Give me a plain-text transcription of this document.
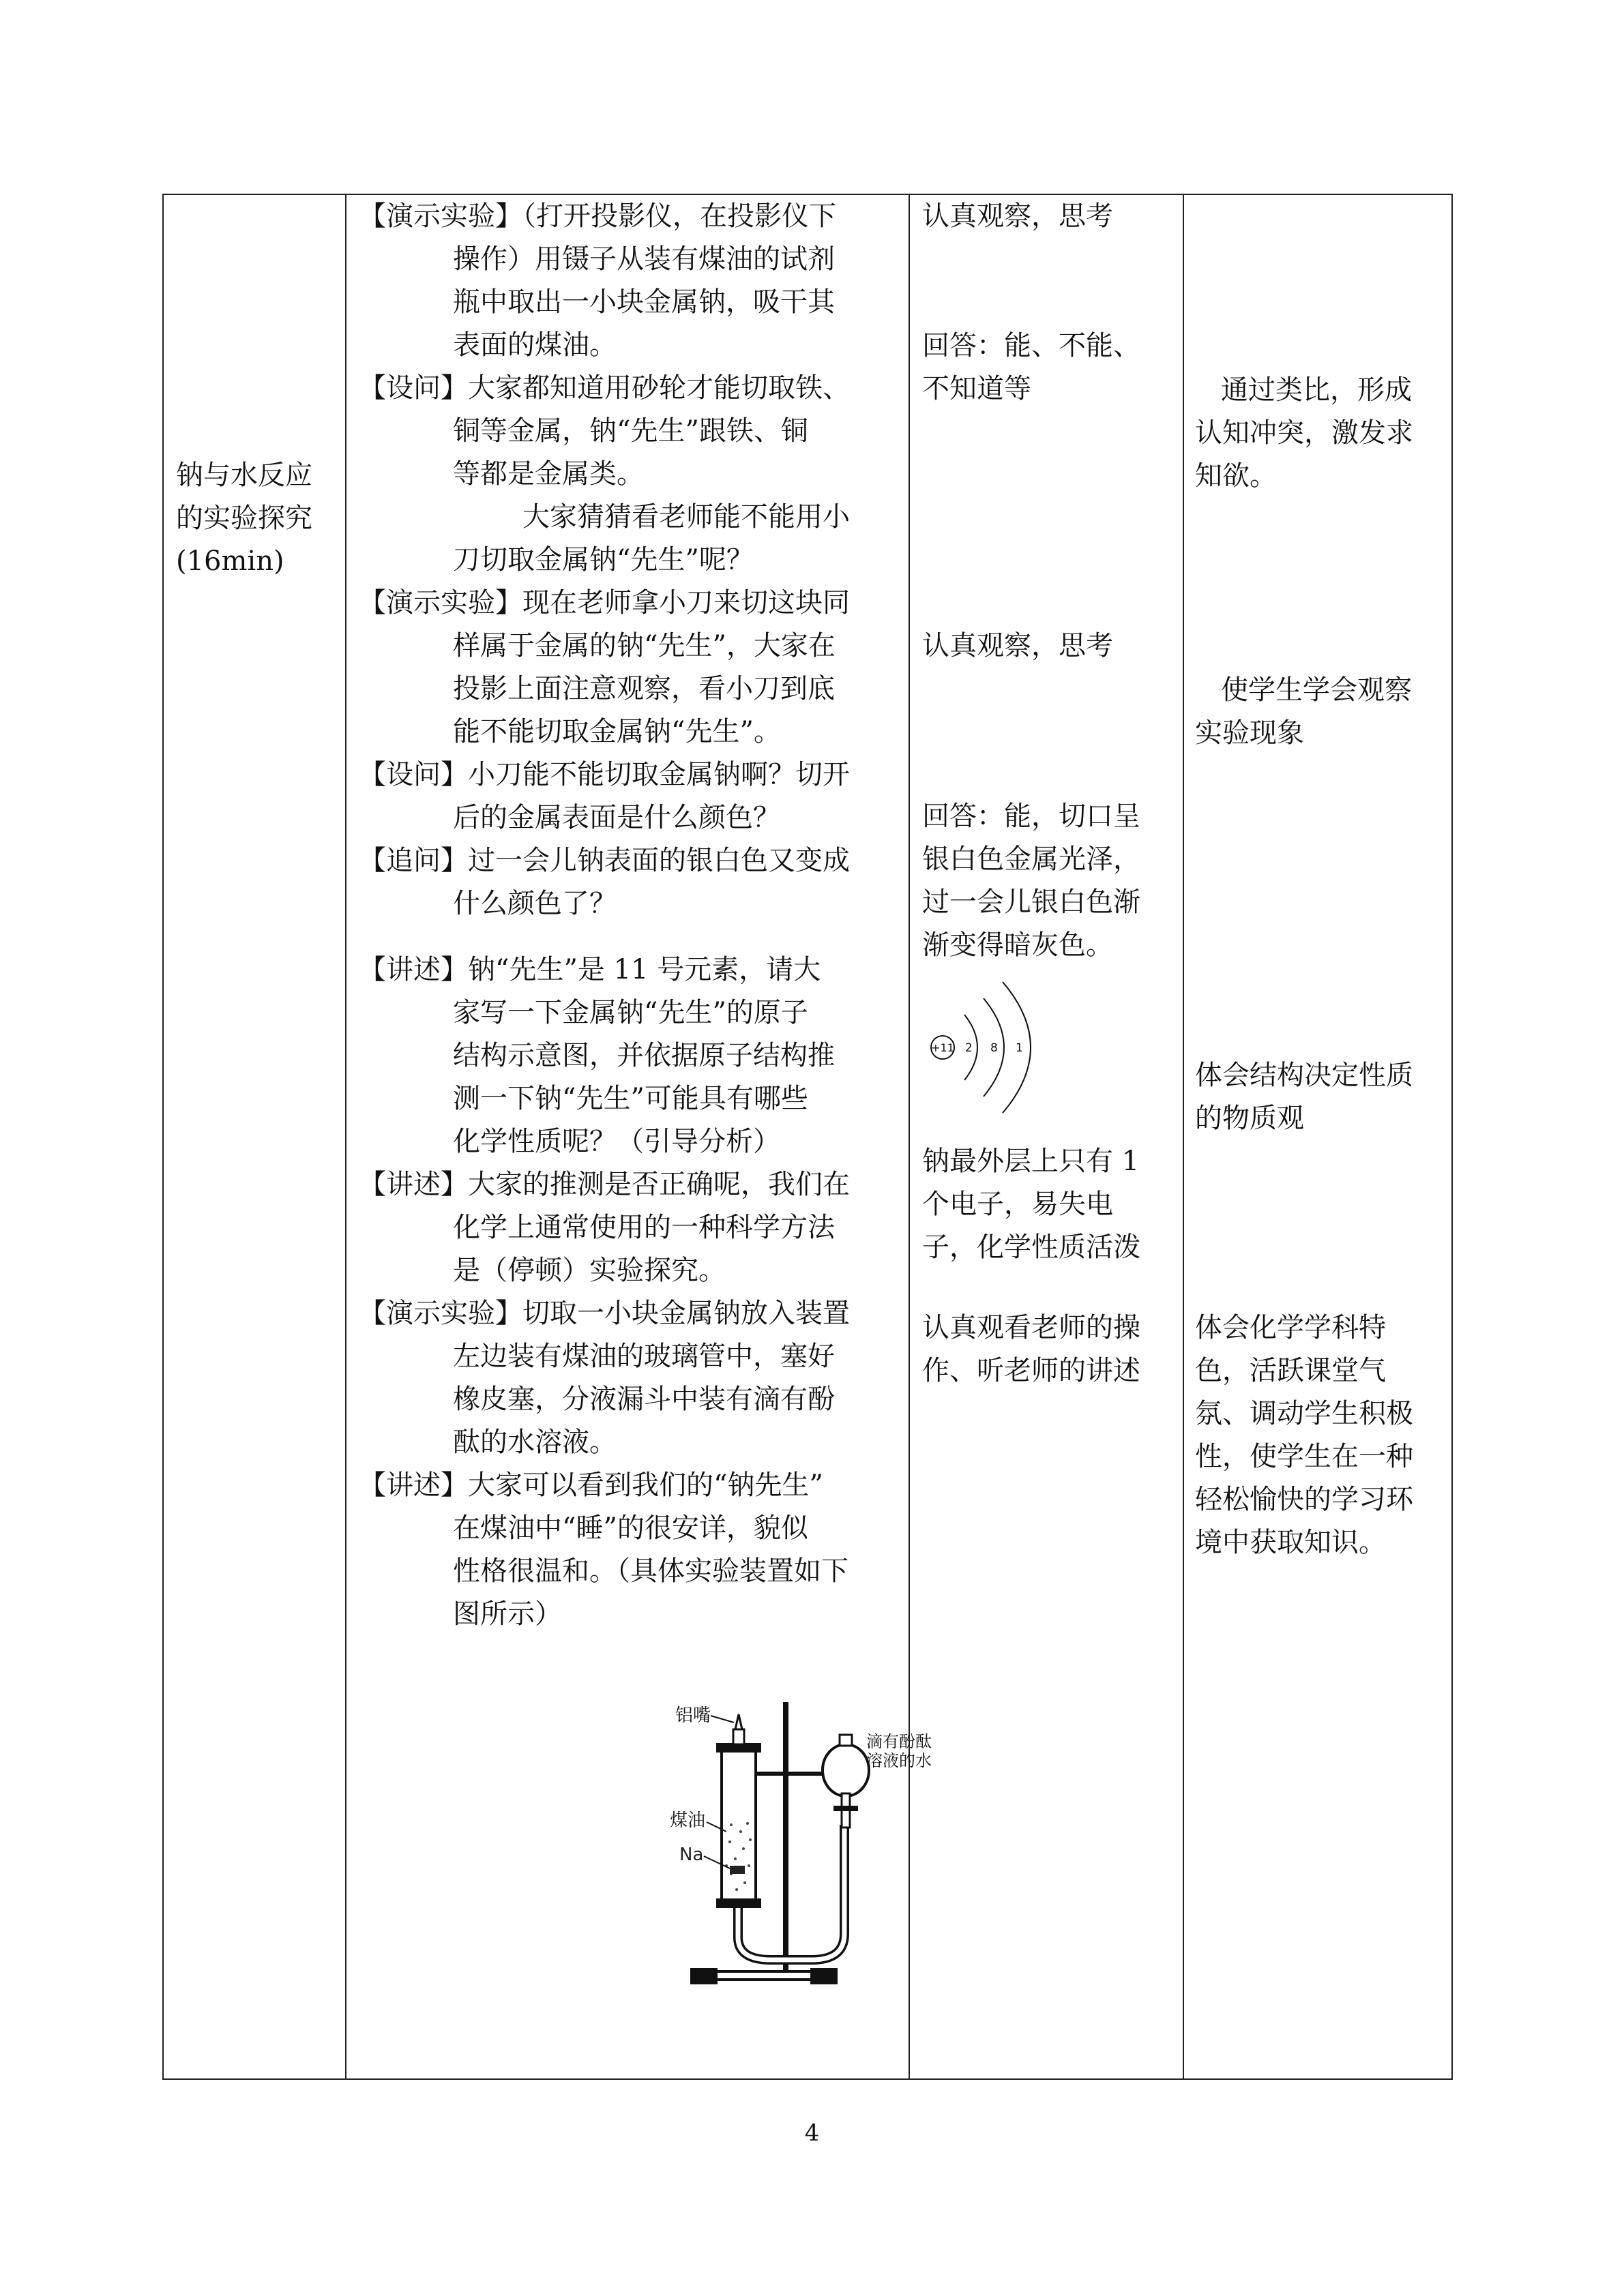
钠与水反应
的实验探究
(16min)
【演示实验】（打开投影仪，在投影仪下
操作）用镊子从装有煤油的试剂
瓶中取出一小块金属钠，吸干其
表面的煤油。
【设问】大家都知道用砂轮才能切取铁、
铜等金属，钠“先生”跟铁、铜
等都是金属类。
大家猜猜看老师能不能用小
刀切取金属钠“先生”呢？
【演示实验】现在老师拿小刀来切这块同
样属于金属的钠“先生”，大家在
投影上面注意观察，看小刀到底
能不能切取金属钠“先生”。
【设问】小刀能不能切取金属钠啊？切开
后的金属表面是什么颜色？
【追问】过一会儿钠表面的银白色又变成
什么颜色了？
【讲述】钠“先生”是 11 号元素，请大
家写一下金属钠“先生”的原子
结构示意图，并依据原子结构推
测一下钠“先生”可能具有哪些
化学性质呢？（引导分析）
【讲述】大家的推测是否正确呢，我们在
化学上通常使用的一种科学方法
是（停顿）实验探究。
【演示实验】切取一小块金属钠放入装置
左边装有煤油的玻璃管中，塞好
橡皮塞，分液漏斗中装有滴有酚
酞的水溶液。
【讲述】大家可以看到我们的“钠先生”
在煤油中“睡”的很安详，貌似
性格很温和。（具体实验装置如下
图所示）
铝嘴
煤油
Na
滴有酚酞
溶液的水
认真观察，思考
回答：能、不能、
不知道等
认真观察，思考
回答：能，切口呈
银白色金属光泽，
过一会儿银白色渐
渐变得暗灰色。
钠最外层上只有 1
个电子，易失电
子，化学性质活泼
认真观看老师的操
作、听老师的讲述
+11 2 8 1
通过类比，形成
认知冲突，激发求
知欲。
使学生学会观察
实验现象
体会结构决定性质
的物质观
体会化学学科特
色，活跃课堂气
氛、调动学生积极
性，使学生在一种
轻松愉快的学习环
境中获取知识。
4
